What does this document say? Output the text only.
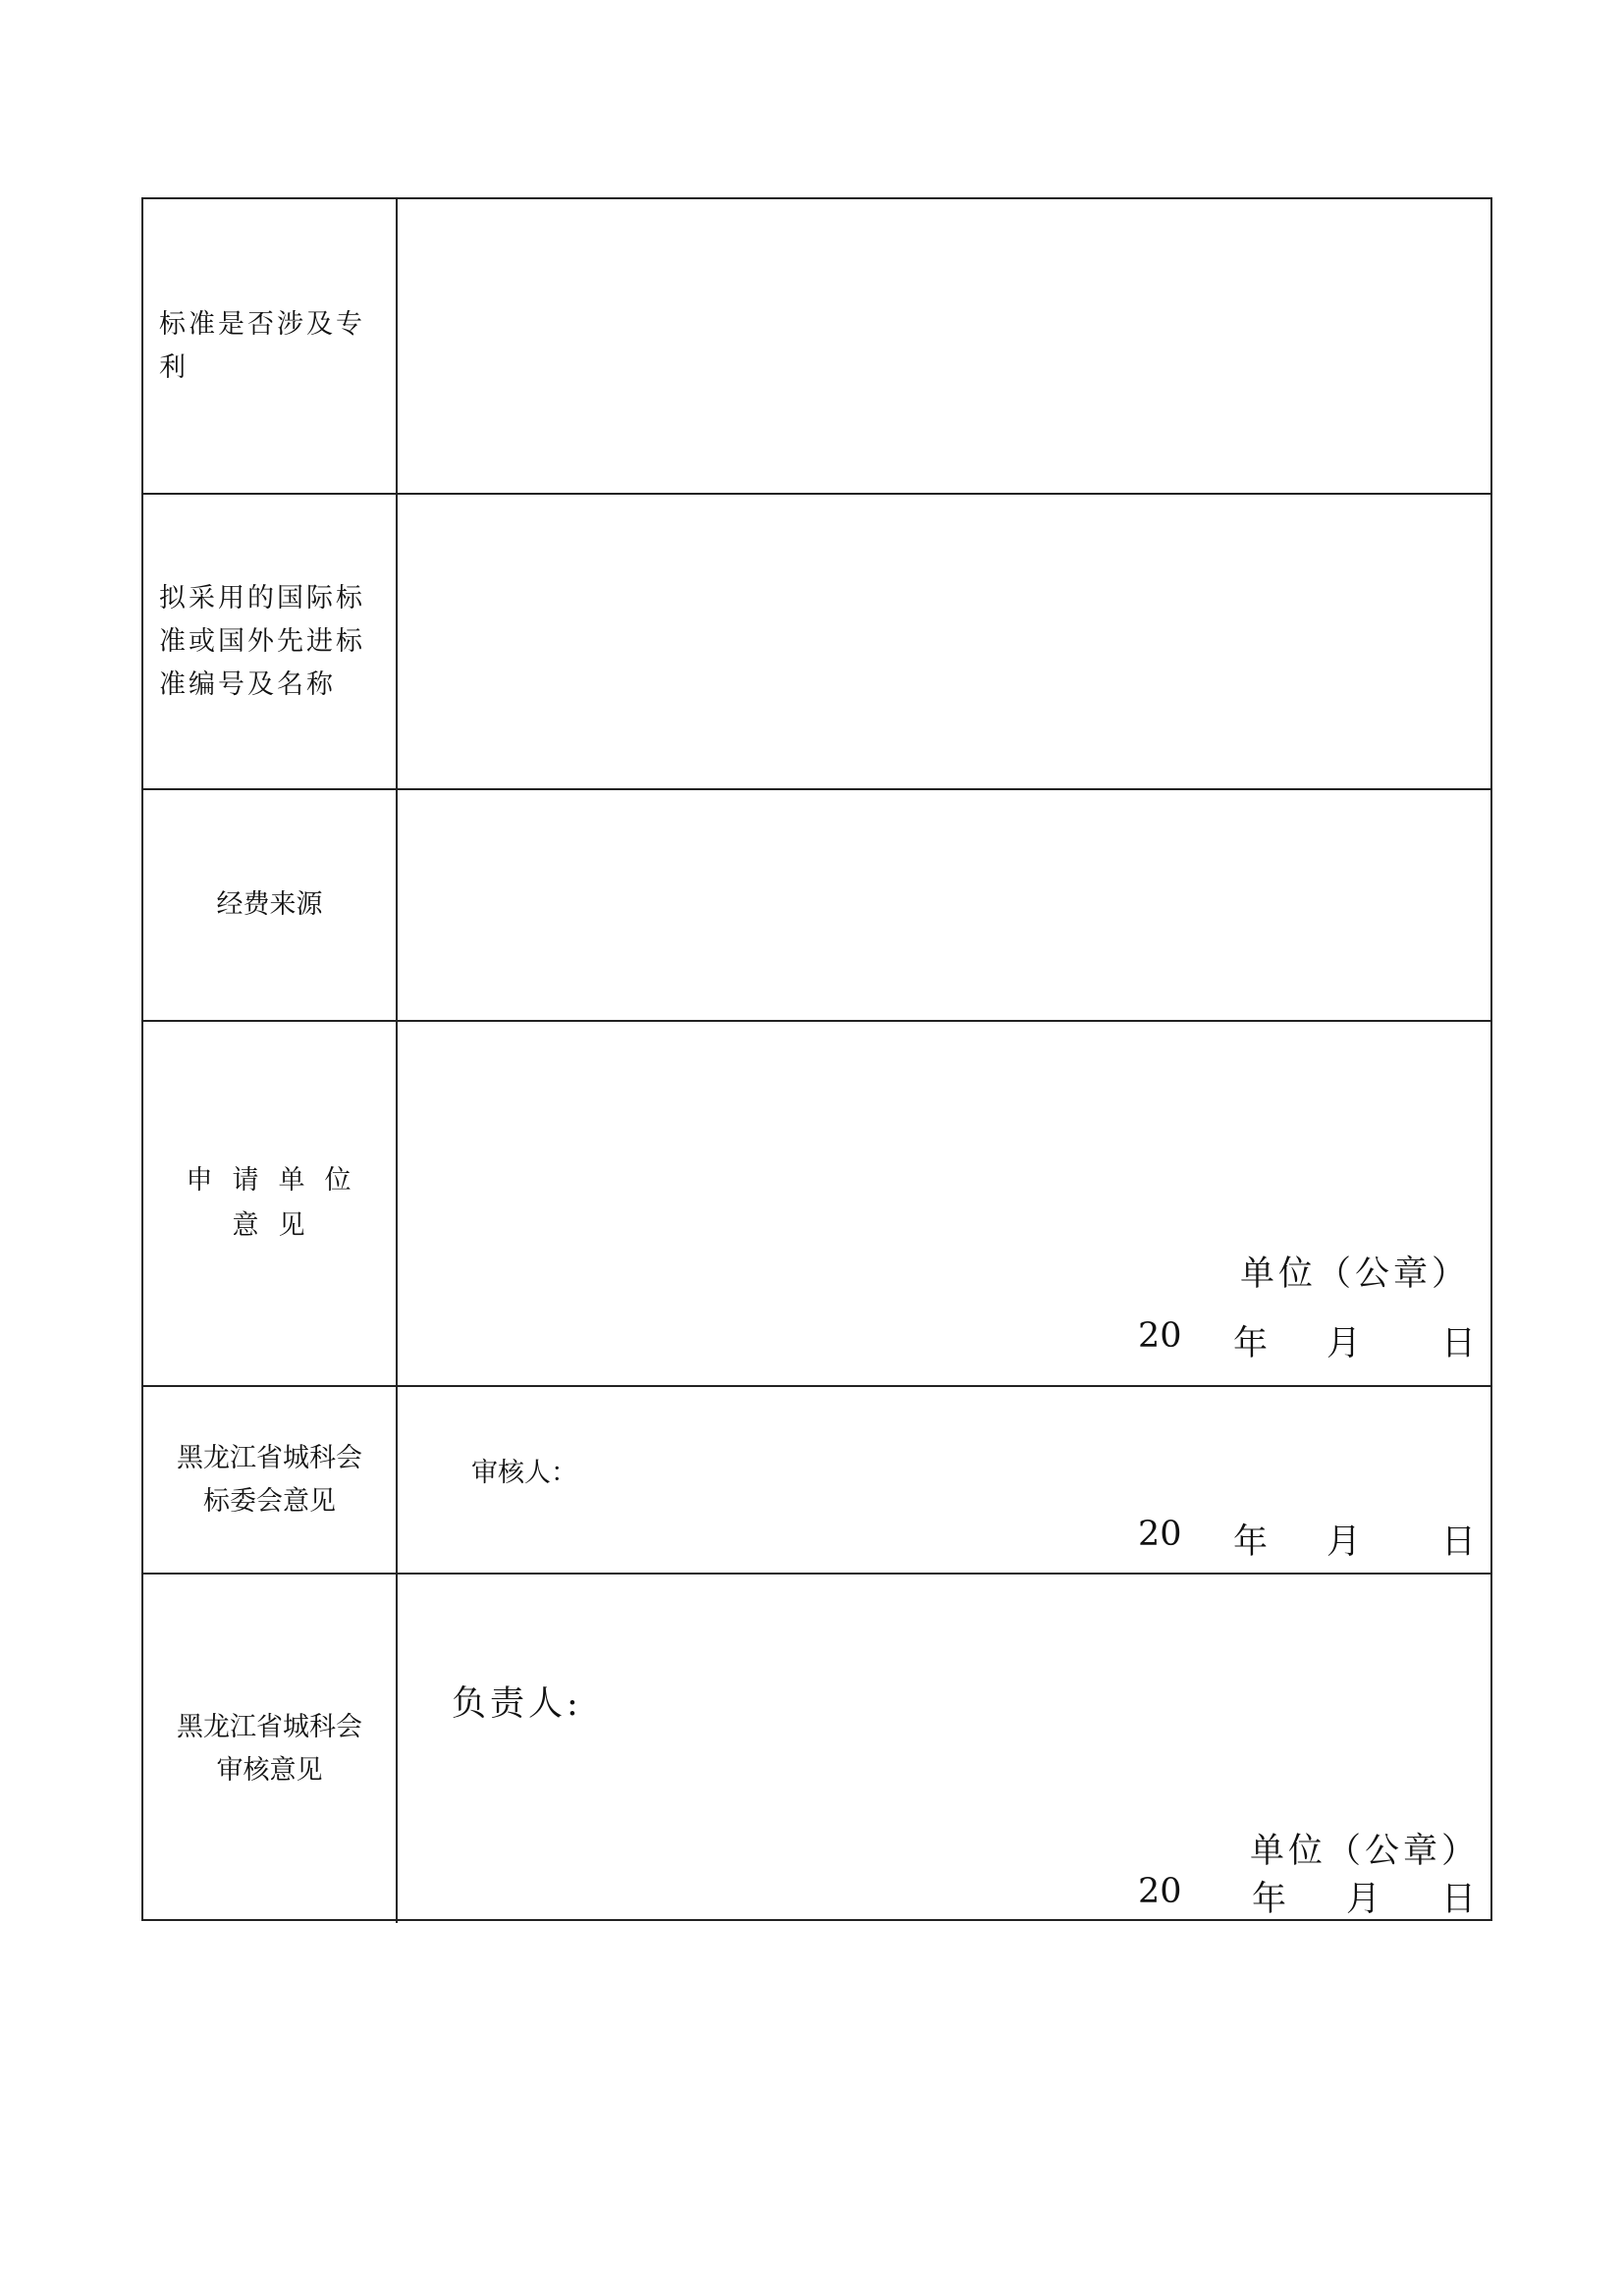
标准是否涉及专
利
拟采用的国际标
准或国外先进标
准编号及名称
经费来源
申请单位
意见
单位（公章）

20

年

月

日

黑龙江省城科会
标委会意见
审核人：

20

年

月

日

黑龙江省城科会
审核意见
负责人:
单位（公章）

20

年

月

日
